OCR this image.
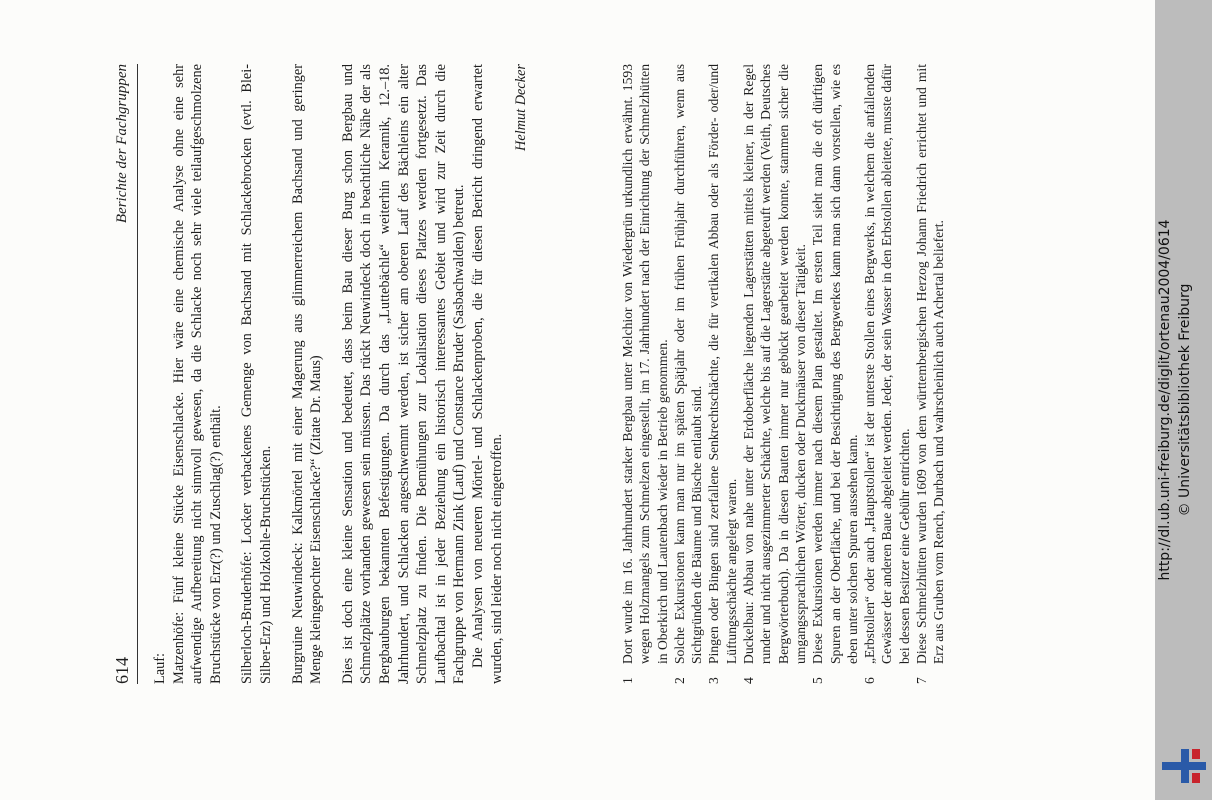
614
Berichte der Fachgruppen

Lauf: Matzenhöfe: Fünf kleine Stücke Eisenschlacke. Hier wäre eine chemische Analyse ohne eine sehr aufwendige Aufbereitung nicht sinnvoll gewesen, da die Schlacke noch sehr viele teilaufgeschmolzene Bruchstücke von Erz(?) und Zuschlag(?) enthält. Silberloch-Bruderhöfe: Locker verbackenes Gemenge von Bachsand mit Schlackebrocken (evtl. Blei-Silber-Erz) und Holzkohle-Bruchstücken. Burgruine Neuwindeck: Kalkmörtel mit einer Magerung aus glimmerreichem Bachsand und geringer Menge kleingepochter Eisenschlacke?“ (Zitate Dr. Maus) Dies ist doch eine kleine Sensation und bedeutet, dass beim Bau dieser Burg schon Bergbau und Schmelzplätze vorhanden gewesen sein müssen. Das rückt Neuwindeck doch in beachtliche Nähe der als Bergbauburgen bekannten Befestigungen. Da durch das „Luttebächle“ weiterhin Keramik, 12.–18. Jahrhundert, und Schlacken angeschwemmt werden, ist sicher am oberen Lauf des Bächleins ein alter Schmelzplatz zu finden. Die Bemühungen zur Lokalisation dieses Platzes werden fortgesetzt. Das Laufbachtal ist in jeder Beziehung ein historisch interessantes Gebiet und wird zur Zeit durch die Fachgruppe von Hermann Zink (Lauf) und Constance Bruder (Sasbachwalden) betreut. Die Analysen von neueren Mörtel- und Schlackenproben, die für diesen Bericht dringend erwartet wurden, sind leider noch nicht eingetroffen.

Helmut Decker
1
Dort wurde im 16. Jahrhundert starker Bergbau unter Melchior von Wiedergrün urkundlich erwähnt. 1593 wegen Holzmangels zum Schmelzen eingestellt, im 17. Jahrhundert nach der Einrichtung der Schmelzhütten in Oberkirch und Lautenbach wieder in Betrieb genommen.
2
Solche Exkursionen kann man nur im späten Spätjahr oder im frühen Frühjahr durchführen, wenn aus Sichtgründen die Bäume und Büsche entlaubt sind.
3
Pingen oder Bingen sind zerfallene Senkrechtschächte, die für vertikalen Abbau oder als Förder- oder/und Lüftungsschächte angelegt waren.
4
Duckelbau: Abbau von nahe unter der Erdoberfläche liegenden Lagerstätten mittels kleiner, in der Regel runder und nicht ausgezimmerter Schächte, welche bis auf die Lagerstätte abgeteuft werden (Veith, Deutsches Bergwörterbuch). Da in diesen Bauten immer nur gebückt gearbeitet werden konnte, stammen sicher die umgangssprachlichen Wörter, ducken oder Duckmäuser von dieser Tätigkeit.
5
Diese Exkursionen werden immer nach diesem Plan gestaltet. Im ersten Teil sieht man die oft dürftigen Spuren an der Oberfläche, und bei der Besichtigung des Bergwerkes kann man sich dann vorstellen, wie es eben unter solchen Spuren aussehen kann.
6
„Erbstollen“ oder auch „Hauptstollen“ ist der unterste Stollen eines Bergwerks, in welchem die anfallenden Gewässer der anderen Baue abgeleitet werden. Jeder, der sein Wasser in den Erbstollen ableitete, musste dafür bei dessen Besitzer eine Gebühr entrichten.
7
Diese Schmelzhütten wurden 1609 von dem württembergischen Herzog Johann Friedrich errichtet und mit Erz aus Gruben vom Rench, Durbach und wahrscheinlich auch Achertal beliefert.	http://dl.ub.uni-freiburg.de/diglit/ortenau2004/0614 © Universitätsbibliothek Freiburg
